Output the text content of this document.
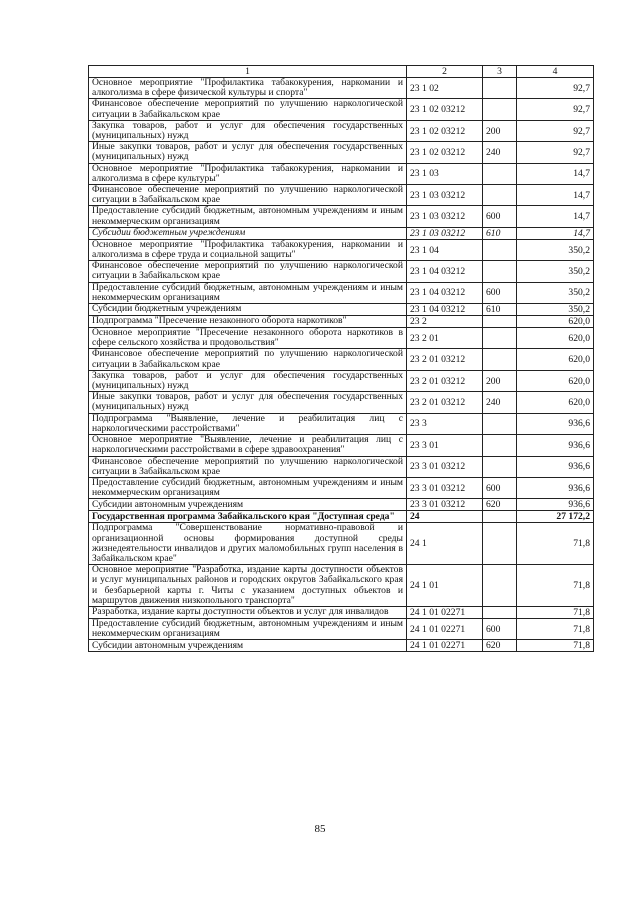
1	2	3	4
Основное мероприятие "Профилактика табакокурения, наркомании и алкоголизма в сфере физической культуры и спорта"	23 1 02		92,7
Финансовое обеспечение мероприятий по улучшению наркологической ситуации в Забайкальском крае	23 1 02 03212		92,7
Закупка товаров, работ и услуг для обеспечения государственных (муниципальных) нужд	23 1 02 03212	200	92,7
Иные закупки товаров, работ и услуг для обеспечения государственных (муниципальных) нужд	23 1 02 03212	240	92,7
Основное мероприятие "Профилактика табакокурения, наркомании и алкоголизма в сфере культуры"	23 1 03		14,7
Финансовое обеспечение мероприятий по улучшению наркологической ситуации в Забайкальском крае	23 1 03 03212		14,7
Предоставление субсидий бюджетным, автономным учреждениям и иным некоммерческим организациям	23 1 03 03212	600	14,7
Субсидии бюджетным учреждениям	23 1 03 03212	610	14,7
Основное мероприятие "Профилактика табакокурения, наркомании и алкоголизма в сфере труда и социальной защиты"	23 1 04		350,2
Финансовое обеспечение мероприятий по улучшению наркологической ситуации в Забайкальском крае	23 1 04 03212		350,2
Предоставление субсидий бюджетным, автономным учреждениям и иным некоммерческим организациям	23 1 04 03212	600	350,2
Субсидии бюджетным учреждениям	23 1 04 03212	610	350,2
Подпрограмма "Пресечение незаконного оборота наркотиков"	23 2		620,0
Основное мероприятие "Пресечение незаконного оборота наркотиков в сфере сельского хозяйства и продовольствия"	23 2 01		620,0
Финансовое обеспечение мероприятий по улучшению наркологической ситуации в Забайкальском крае	23 2 01 03212		620,0
Закупка товаров, работ и услуг для обеспечения государственных (муниципальных) нужд	23 2 01 03212	200	620,0
Иные закупки товаров, работ и услуг для обеспечения государственных (муниципальных) нужд	23 2 01 03212	240	620,0
Подпрограмма "Выявление, лечение и реабилитация лиц с наркологическими расстройствами"	23 3		936,6
Основное мероприятие "Выявление, лечение и реабилитация лиц с наркологическими расстройствами в сфере здравоохранения"	23 3 01		936,6
Финансовое обеспечение мероприятий по улучшению наркологической ситуации в Забайкальском крае	23 3 01 03212		936,6
Предоставление субсидий бюджетным, автономным учреждениям и иным некоммерческим организациям	23 3 01 03212	600	936,6
Субсидии автономным учреждениям	23 3 01 03212	620	936,6
Государственная программа Забайкальского края "Доступная среда"	24		27 172,2
Подпрограмма "Совершенствование нормативно-правовой и организационной основы формирования доступной среды жизнедеятельности инвалидов и других маломобильных групп населения в Забайкальском крае"	24 1		71,8
Основное мероприятие "Разработка, издание карты доступности объектов и услуг муниципальных районов и городских округов Забайкальского края и безбарьерной карты г. Читы с указанием доступных объектов и маршрутов движения низкопольного транспорта"	24 1 01		71,8
Разработка, издание карты доступности объектов и услуг для инвалидов	24 1 01 02271		71,8
Предоставление субсидий бюджетным, автономным учреждениям и иным некоммерческим организациям	24 1 01 02271	600	71,8
Субсидии автономным учреждениям	24 1 01 02271	620	71,8
85
